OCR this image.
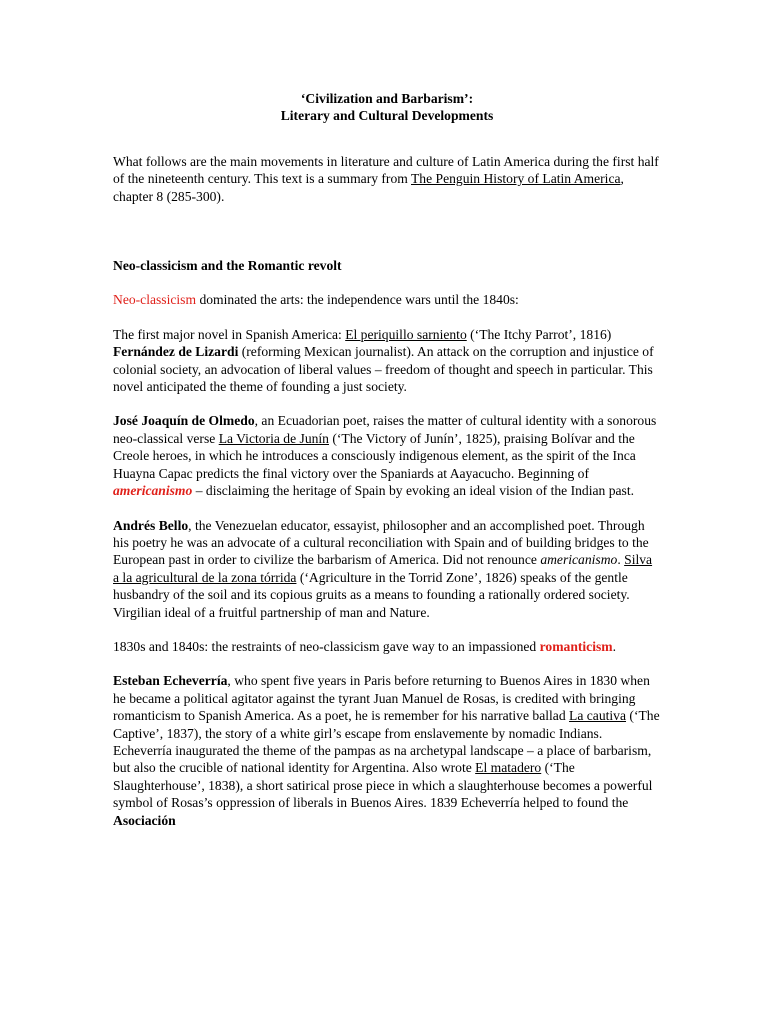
‘Civilization and Barbarism’:

Literary and Cultural Developments

What follows are the main movements in literature and culture of Latin America during the first half of the nineteenth century. This text is a summary from The Penguin History of Latin America, chapter 8 (285-300).

Neo-classicism and the Romantic revolt

Neo-classicism dominated the arts: the independence wars until the 1840s:

The first major novel in Spanish America: El periquillo sarniento (‘The Itchy Parrot’, 1816) Fernández de Lizardi (reforming Mexican journalist). An attack on the corruption and injustice of colonial society, an advocation of liberal values – freedom of thought and speech in particular. This novel anticipated the theme of founding a just society.

José Joaquín de Olmedo, an Ecuadorian poet, raises the matter of cultural identity with a sonorous neo-classical verse La Victoria de Junín (‘The Victory of Junín’, 1825), praising Bolívar and the Creole heroes, in which he introduces a consciously indigenous element, as the spirit of the Inca Huayna Capac predicts the final victory over the Spaniards at Aayacucho. Beginning of americanismo – disclaiming the heritage of Spain by evoking an ideal vision of the Indian past.

Andrés Bello, the Venezuelan educator, essayist, philosopher and an accomplished poet. Through his poetry he was an advocate of a cultural reconciliation with Spain and of building bridges to the European past in order to civilize the barbarism of America. Did not renounce americanismo. Silva a la agricultural de la zona tórrida (‘Agriculture in the Torrid Zone’, 1826) speaks of the gentle husbandry of the soil and its copious gruits as a means to founding a rationally ordered society. Virgilian ideal of a fruitful partnership of man and Nature.

1830s and 1840s: the restraints of neo-classicism gave way to an impassioned romanticism.

Esteban Echeverría, who spent five years in Paris before returning to Buenos Aires in 1830 when he became a political agitator against the tyrant Juan Manuel de Rosas, is credited with bringing romanticism to Spanish America. As a poet, he is remember for his narrative ballad La cautiva (‘The Captive’, 1837), the story of a white girl’s escape from enslavemente by nomadic Indians. Echeverría inaugurated the theme of the pampas as na archetypal landscape – a place of barbarism, but also the crucible of national identity for Argentina. Also wrote El matadero (‘The Slaughterhouse’, 1838), a short satirical prose piece in which a slaughterhouse becomes a powerful symbol of Rosas’s oppression of liberals in Buenos Aires. 1839 Echeverría helped to found the Asociación
